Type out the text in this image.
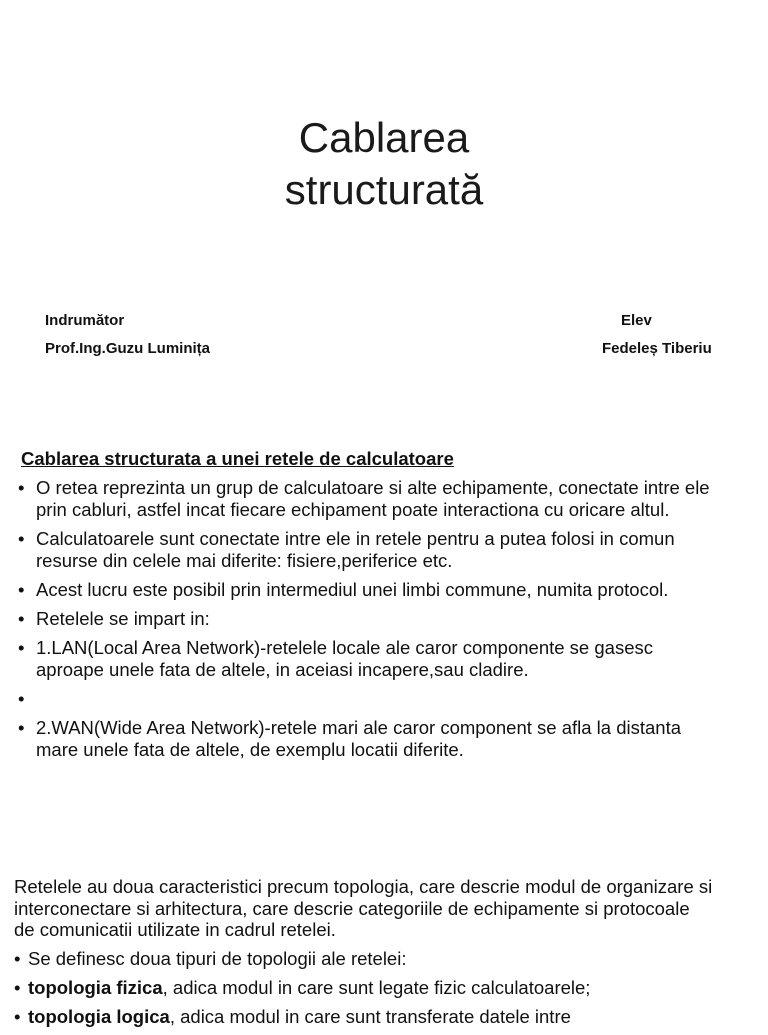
Cablarea
structurată
Indrumător
Prof.Ing.Guzu Luminița
Elev
Fedeleș Tiberiu
Cablarea structurata a unei retele de calculatoare
• O retea reprezinta un grup de calculatoare si alte echipamente, conectate intre ele prin cabluri, astfel incat fiecare echipament poate interactiona cu oricare altul.
• Calculatoarele sunt conectate intre ele in retele pentru a putea folosi in comun resurse din celele mai diferite: fisiere,periferice etc.
• Acest lucru este posibil prin intermediul unei limbi commune, numita protocol.
• Retelele se impart in:
• 1.LAN(Local Area Network)-retelele locale ale caror componente se gasesc aproape unele fata de altele, in aceiasi incapere,sau cladire.
•
• 2.WAN(Wide Area Network)-retele mari ale caror component se afla la distanta mare unele fata de altele, de exemplu locatii diferite.
Retelele au doua caracteristici precum topologia, care descrie modul de organizare si interconectare si arhitectura, care descrie categoriile de echipamente si protocoale de comunicatii utilizate in cadrul retelei.
• Se definesc doua tipuri de topologii ale retelei:
• topologia fizica, adica modul in care sunt legate fizic calculatoarele;
• topologia logica, adica modul in care sunt transferate datele intre
